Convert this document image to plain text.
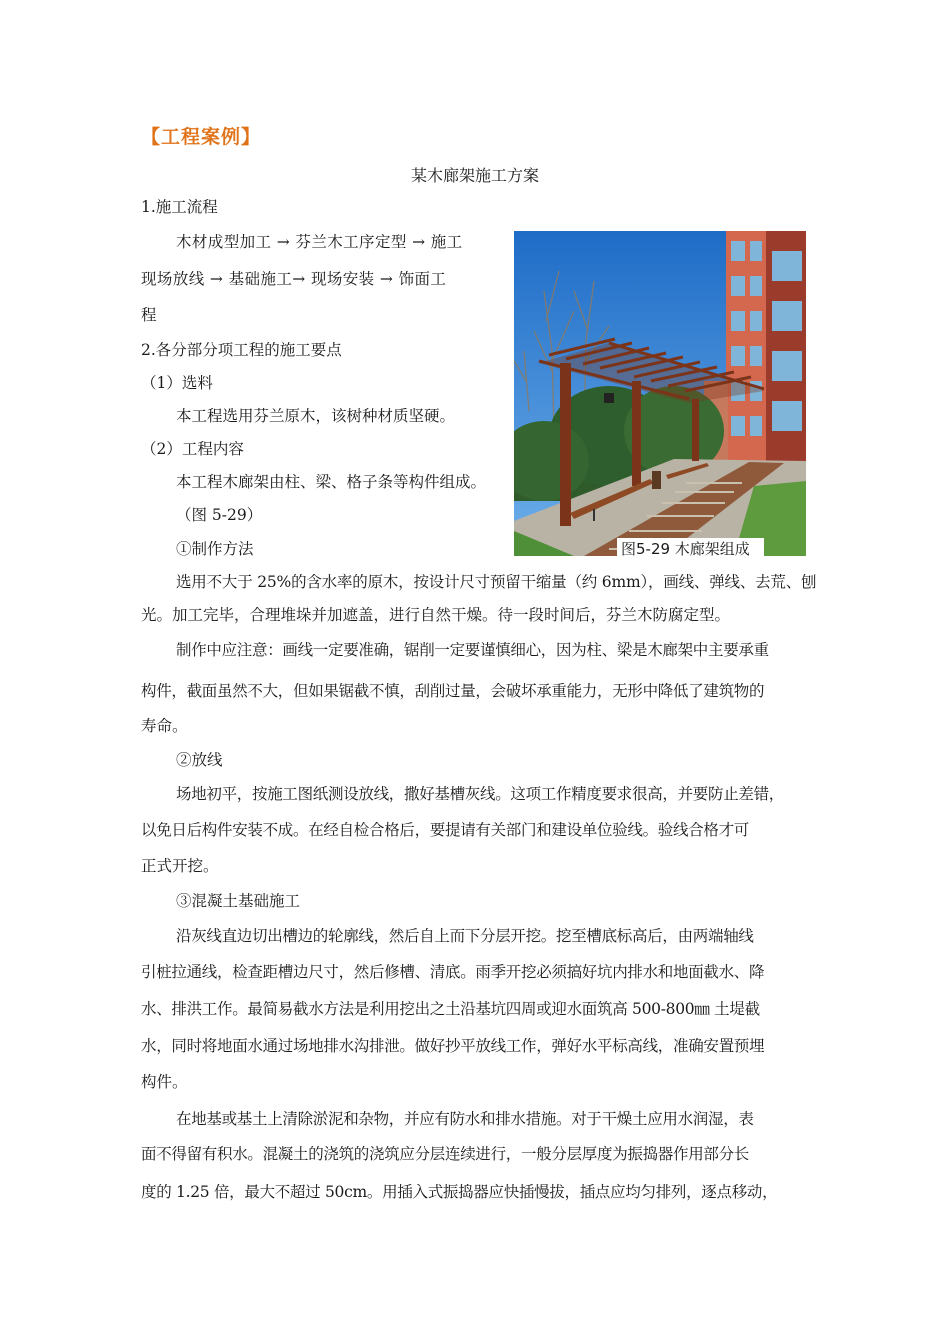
【工程案例】
某木廊架施工方案
1.施工流程
木材成型加工 → 芬兰木工序定型 → 施工
现场放线 → 基础施工→ 现场安装 → 饰面工
程
2.各分部分项工程的施工要点
（1）选料
本工程选用芬兰原木，该树种材质坚硬。
（2）工程内容
本工程木廊架由柱、梁、格子条等构件组成。
（图 5-29）
①制作方法	图5-29 木廊架组成
选用不大于 25%的含水率的原木，按设计尺寸预留干缩量（约 6mm），画线、弹线、去荒、刨
光。加工完毕，合理堆垛并加遮盖，进行自然干燥。待一段时间后，芬兰木防腐定型。
制作中应注意：画线一定要准确，锯削一定要谨慎细心，因为柱、梁是木廊架中主要承重
构件，截面虽然不大，但如果锯截不慎，刮削过量，会破坏承重能力，无形中降低了建筑物的
寿命。
②放线
场地初平，按施工图纸测设放线，撒好基槽灰线。这项工作精度要求很高，并要防止差错，
以免日后构件安装不成。在经自检合格后，要提请有关部门和建设单位验线。验线合格才可
正式开挖。
③混凝土基础施工
沿灰线直边切出槽边的轮廓线，然后自上而下分层开挖。挖至槽底标高后，由两端轴线
引桩拉通线，检查距槽边尺寸，然后修槽、清底。雨季开挖必须搞好坑内排水和地面截水、降
水、排洪工作。最简易截水方法是利用挖出之土沿基坑四周或迎水面筑高 500-800㎜ 土堤截
水，同时将地面水通过场地排水沟排泄。做好抄平放线工作，弹好水平标高线，准确安置预埋
构件。
在地基或基土上清除淤泥和杂物，并应有防水和排水措施。对于干燥土应用水润湿，表
面不得留有积水。混凝土的浇筑的浇筑应分层连续进行，一般分层厚度为振捣器作用部分长
度的 1.25 倍，最大不超过 50cm。用插入式振捣器应快插慢拔，插点应均匀排列，逐点移动，
